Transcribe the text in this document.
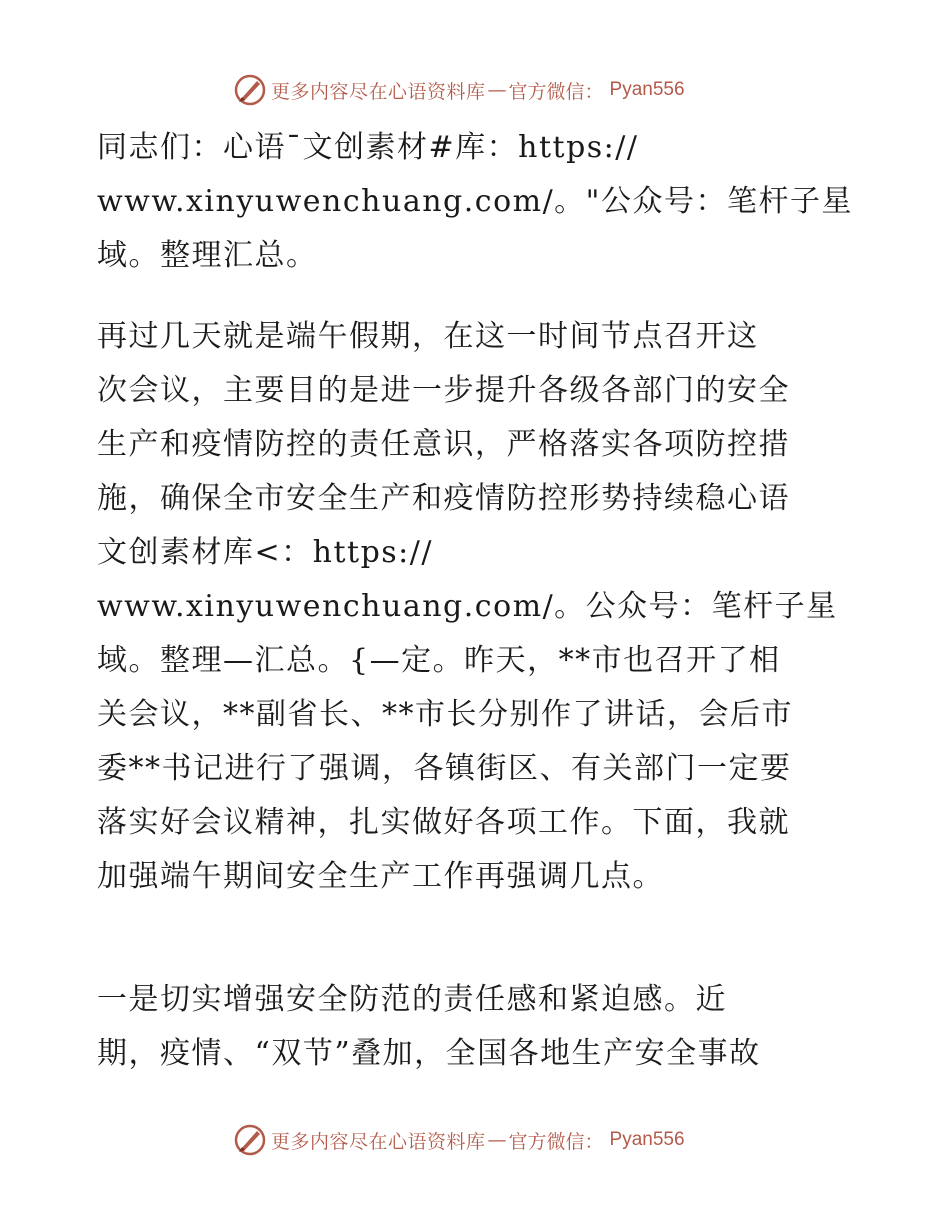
更多内容尽在心语资料库 — 官方微信： Pyan556
同志们：心语¯文创素材#库：https://
www.xinyuwenchuang.com/。"公众号：笔杆子星
域。整理汇总。
再过几天就是端午假期，在这一时间节点召开这
次会议，主要目的是进一步提升各级各部门的安全
生产和疫情防控的责任意识，严格落实各项防控措
施，确保全市安全生产和疫情防控形势持续稳心语
文创素材库<：https://
www.xinyuwenchuang.com/。公众号：笔杆子星
域。整理—汇总。{—定。昨天，**市也召开了相
关会议，**副省长、**市长分别作了讲话，会后市
委**书记进行了强调，各镇街区、有关部门一定要
落实好会议精神，扎实做好各项工作。下面，我就
加强端午期间安全生产工作再强调几点。
一是切实增强安全防范的责任感和紧迫感。近
期，疫情、“双节”叠加，全国各地生产安全事故
更多内容尽在心语资料库 — 官方微信： Pyan556
